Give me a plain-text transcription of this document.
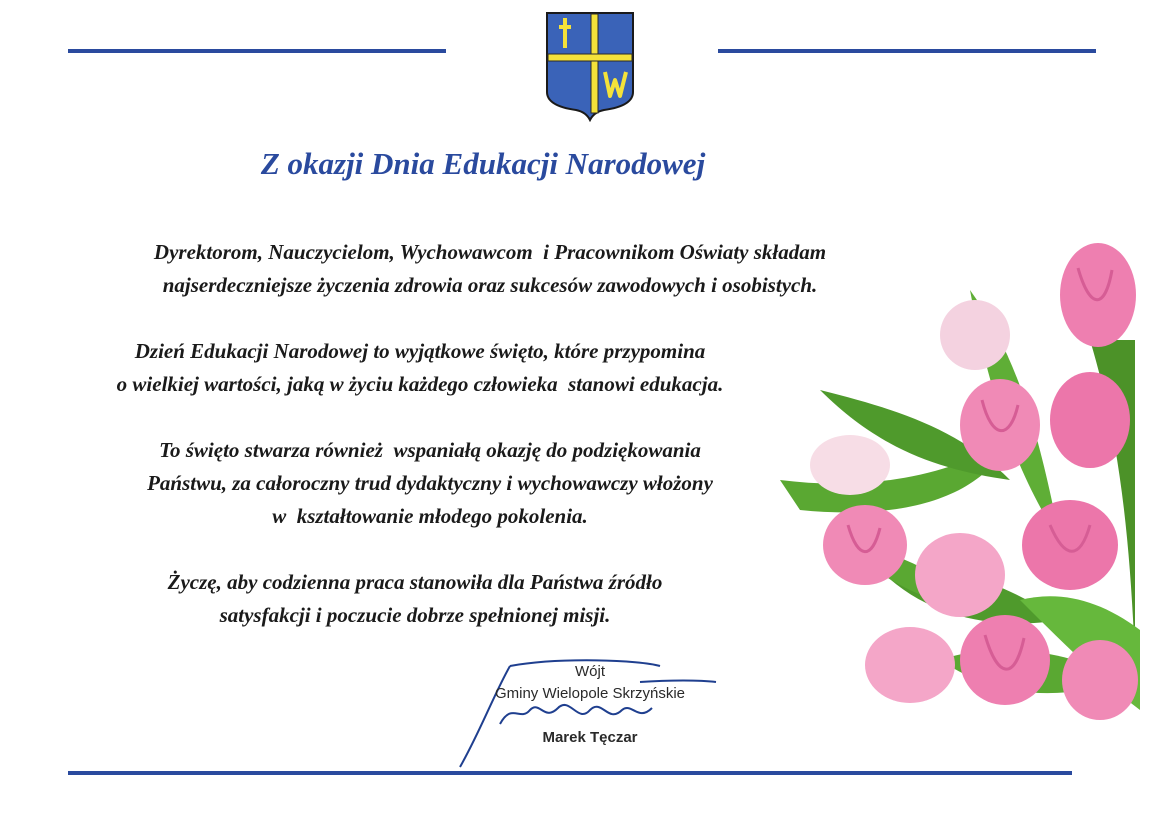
Z okazji Dnia Edukacji Narodowej
Dyrektorom, Nauczycielom, Wychowawcom  i Pracownikom Oświaty składam
najserdeczniejsze życzenia zdrowia oraz sukcesów zawodowych i osobistych.
Dzień Edukacji Narodowej to wyjątkowe święto, które przypomina
o wielkiej wartości, jaką w życiu każdego człowieka  stanowi edukacja.
To święto stwarza również  wspaniałą okazję do podziękowania
Państwu, za całoroczny trud dydaktyczny i wychowawczy włożony
w  kształtowanie młodego pokolenia.
Życzę, aby codzienna praca stanowiła dla Państwa źródło
satysfakcji i poczucie dobrze spełnionej misji.
Wójt
Gminy Wielopole Skrzyńskie
Marek Tęczar
